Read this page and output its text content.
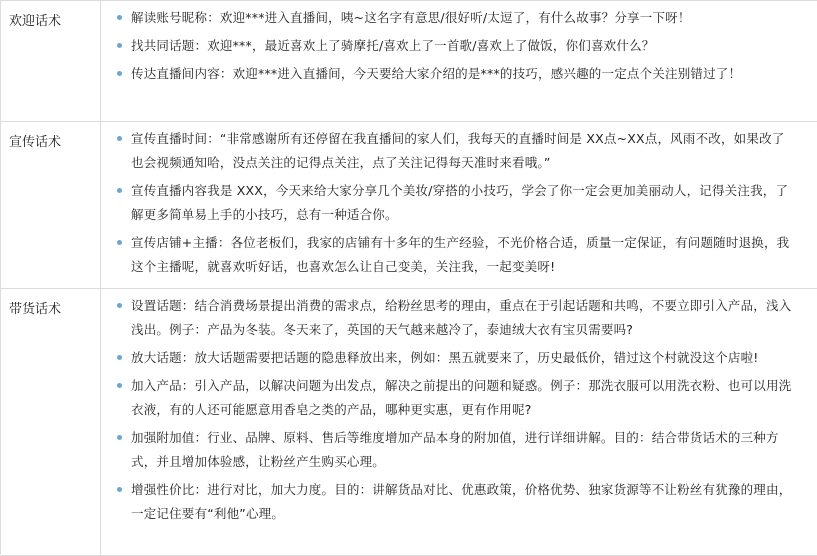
欢迎话术	解读账号昵称：欢迎***进入直播间，咦~这名字有意思/很好听/太逗了，有什么故事？分享一下呀！
找共同话题：欢迎***，最近喜欢上了骑摩托/喜欢上了一首歌/喜欢上了做饭，你们喜欢什么？
传达直播间内容：欢迎***进入直播间，今天要给大家介绍的是***的技巧，感兴趣的一定点个关注别错过了！
宣传话术	宣传直播时间：“非常感谢所有还停留在我直播间的家人们，我每天的直播时间是 XX点~XX点，风雨不改，如果改了也会视频通知哈，没点关注的记得点关注，点了关注记得每天准时来看哦。”
宣传直播内容我是 XXX，今天来给大家分享几个美妆/穿搭的小技巧，学会了你一定会更加美丽动人，记得关注我，了解更多简单易上手的小技巧，总有一种适合你。
宣传店铺+主播：各位老板们，我家的店铺有十多年的生产经验，不光价格合适，质量一定保证，有问题随时退换，我这个主播呢，就喜欢听好话，也喜欢怎么让自己变美，关注我，一起变美呀!
带货话术	设置话题：结合消费场景提出消费的需求点，给粉丝思考的理由，重点在于引起话题和共鸣，不要立即引入产品，浅入浅出。例子：产品为冬装。冬天来了，英国的天气越来越冷了，泰迪绒大衣有宝贝需要吗?
放大话题：放大话题需要把话题的隐患释放出来，例如：黑五就要来了，历史最低价，错过这个村就没这个店啦!
加入产品：引入产品，以解决问题为出发点，解决之前提出的问题和疑惑。例子：那洗衣服可以用洗衣粉、也可以用洗衣液，有的人还可能愿意用香皂之类的产品，哪种更实惠，更有作用呢?
加强附加值：行业、品牌、原料、售后等维度增加产品本身的附加值，进行详细讲解。目的：结合带货话术的三种方式，并且增加体验感，让粉丝产生购买心理。
增强性价比：进行对比，加大力度。目的：讲解货品对比、优惠政策，价格优势、独家货源等不让粉丝有犹豫的理由，一定记住要有“利他”心理。
